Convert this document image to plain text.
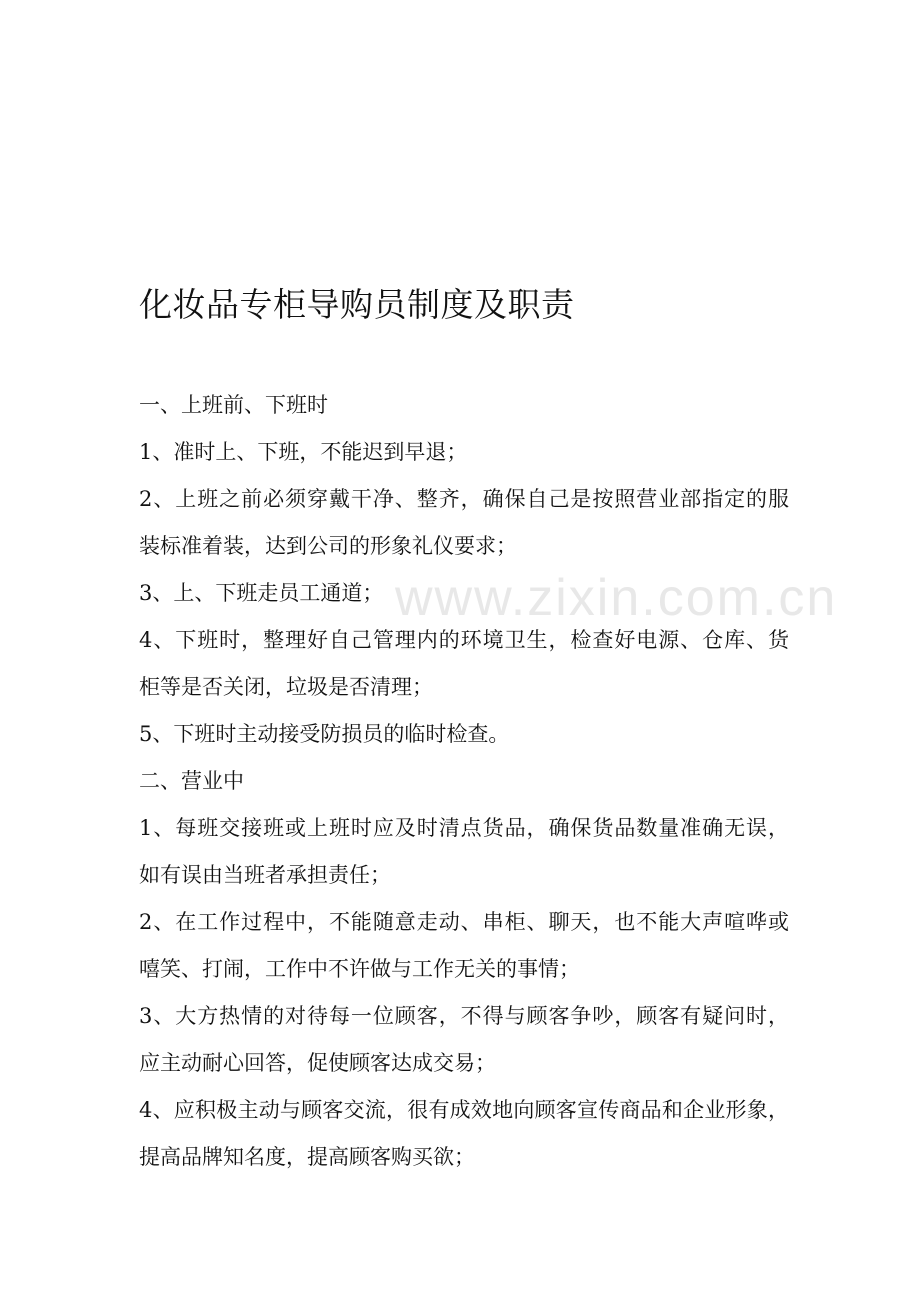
www.zixin.com.cn
化妆品专柜导购员制度及职责

一、上班前、下班时

1、准时上、下班，不能迟到早退；

2、上班之前必须穿戴干净、整齐，确保自己是按照营业部指定的服

装标准着装，达到公司的形象礼仪要求；

3、上、下班走员工通道；

4、下班时，整理好自己管理内的环境卫生，检查好电源、仓库、货

柜等是否关闭，垃圾是否清理；

5、下班时主动接受防损员的临时检查。

二、营业中

1、每班交接班或上班时应及时清点货品，确保货品数量准确无误，

如有误由当班者承担责任；

2、在工作过程中，不能随意走动、串柜、聊天，也不能大声喧哗或

嘻笑、打闹，工作中不许做与工作无关的事情；

3、大方热情的对待每一位顾客，不得与顾客争吵，顾客有疑问时，

应主动耐心回答，促使顾客达成交易；

4、应积极主动与顾客交流，很有成效地向顾客宣传商品和企业形象，

提高品牌知名度，提高顾客购买欲；
